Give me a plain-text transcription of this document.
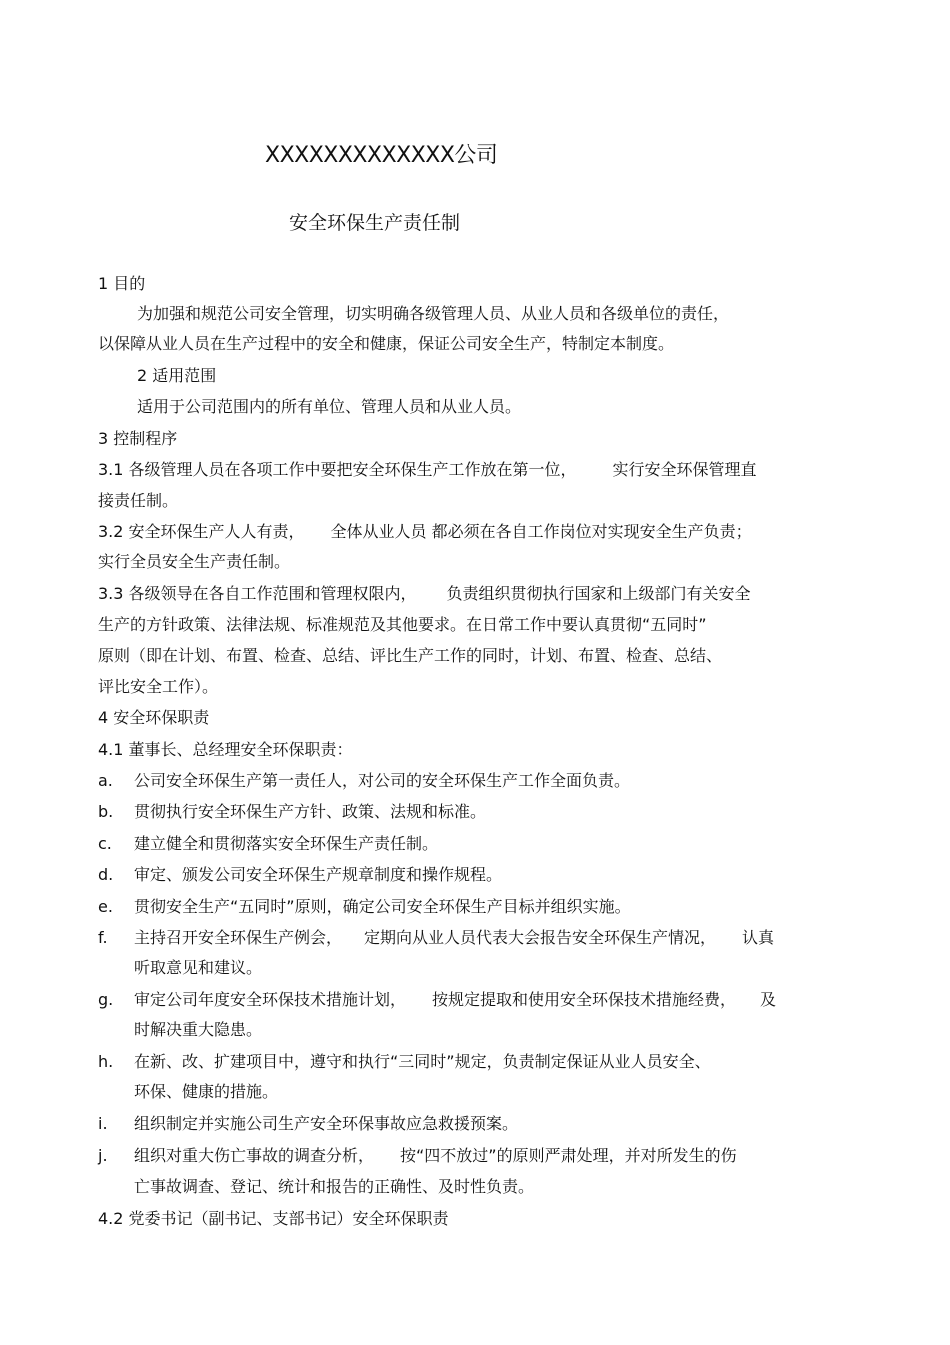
XXXXXXXXXXXXX公司
安全环保生产责任制
1 目的
为加强和规范公司安全管理，切实明确各级管理人员、从业人员和各级单位的责任，
以保障从业人员在生产过程中的安全和健康，保证公司安全生产，特制定本制度。
2 适用范围
适用于公司范围内的所有单位、管理人员和从业人员。
3 控制程序
3.1 各级管理人员在各项工作中要把安全环保生产工作放在第一位， 实行安全环保管理直
接责任制。
3.2 安全环保生产人人有责， 全体从业人员 都必须在各自工作岗位对实现安全生产负责；
实行全员安全生产责任制。
3.3 各级领导在各自工作范围和管理权限内， 负责组织贯彻执行国家和上级部门有关安全
生产的方针政策、法律法规、标准规范及其他要求。在日常工作中要认真贯彻“五同时”
原则（即在计划、布置、检查、总结、评比生产工作的同时，计划、布置、检查、总结、
评比安全工作）。
4 安全环保职责
4.1 董事长、总经理安全环保职责：
a. 公司安全环保生产第一责任人，对公司的安全环保生产工作全面负责。
b. 贯彻执行安全环保生产方针、政策、法规和标准。
c. 建立健全和贯彻落实安全环保生产责任制。
d. 审定、颁发公司安全环保生产规章制度和操作规程。
e. 贯彻安全生产“五同时”原则，确定公司安全环保生产目标并组织实施。
f. 主持召开安全环保生产例会， 定期向从业人员代表大会报告安全环保生产情况， 认真
听取意见和建议。
g. 审定公司年度安全环保技术措施计划， 按规定提取和使用安全环保技术措施经费， 及
时解决重大隐患。
h. 在新、改、扩建项目中，遵守和执行“三同时”规定，负责制定保证从业人员安全、
环保、健康的措施。
i. 组织制定并实施公司生产安全环保事故应急救援预案。
j. 组织对重大伤亡事故的调查分析， 按“四不放过”的原则严肃处理，并对所发生的伤
亡事故调查、登记、统计和报告的正确性、及时性负责。
4.2 党委书记（副书记、支部书记）安全环保职责
